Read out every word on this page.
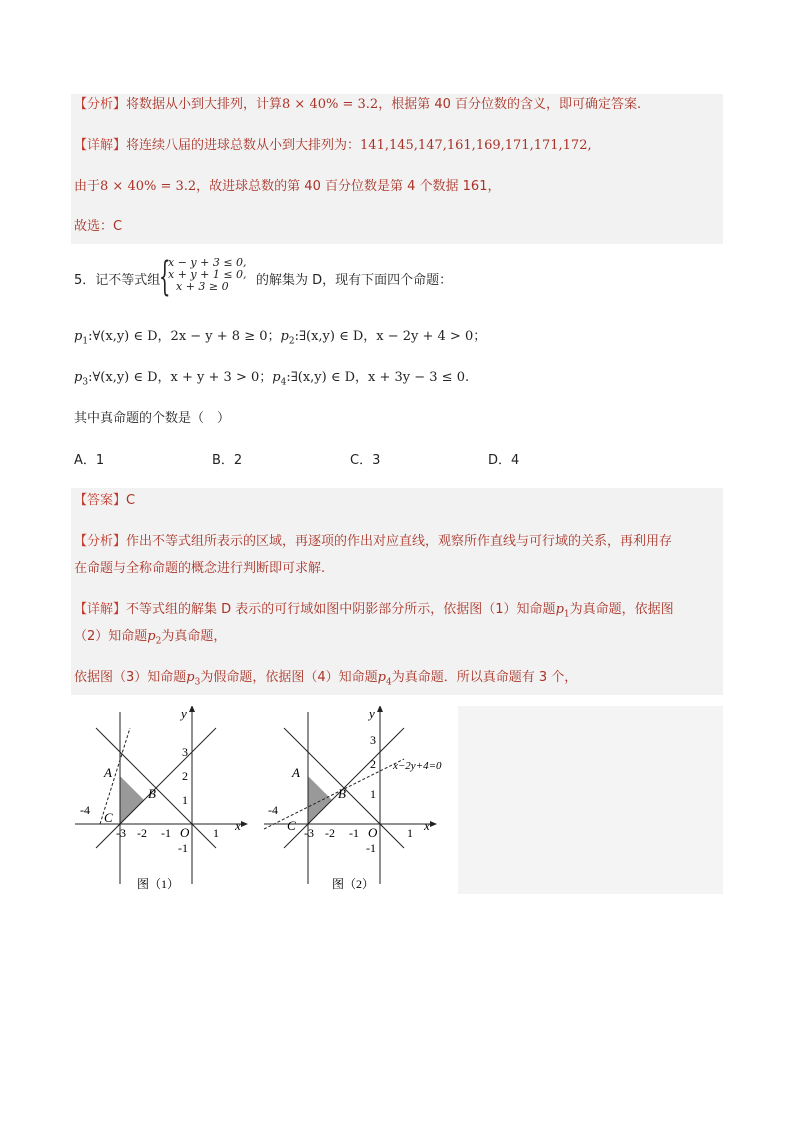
【分析】将数据从小到大排列，计算8 × 40% = 3.2，根据第 40 百分位数的含义，即可确定答案.
【详解】将连续八届的进球总数从小到大排列为：141,145,147,161,169,171,171,172,
由于8 × 40% = 3.2，故进球总数的第 40 百分位数是第 4 个数据 161，
故选：C
5．记不等式组
{
x − y + 3 ≤ 0,
x + y + 1 ≤ 0,
x + 3 ≥ 0	的解集为 D，现有下面四个命题：
$p_1:\forall(x,y)$ ∈ D，2x − y + 8 ≥ 0；$p_2:\exists(x,y)$ ∈ D，x − 2y + 4 > 0；
$p_3:\forall(x,y)$ ∈ D，x + y + 3 > 0；$p_4:\exists(x,y)$ ∈ D，x + 3y − 3 ≤ 0.
其中真命题的个数是（　）
A．1	B．2	C．3	D．4
【答案】C
【分析】作出不等式组所表示的区域，再逐项的作出对应直线，观察所作直线与可行域的关系，再利用存
在命题与全称命题的概念进行判断即可求解.
【详解】不等式组的解集 D 表示的可行域如图中阴影部分所示，依据图（1）知命题$p_1$为真命题，依据图
（2）知命题$p_2$为真命题，
依据图（3）知命题$p_3$为假命题，依据图（4）知命题$p_4$为真命题．所以真命题有 3 个，
y
x
O
A
B
C
-4
-3 -2 -1	1
3
2
1
-1
图（1）
y
x
O
A
B
C
-4
-3 -2 -1	1
3
2
1
-1
x−2y+4=0
图（2）
